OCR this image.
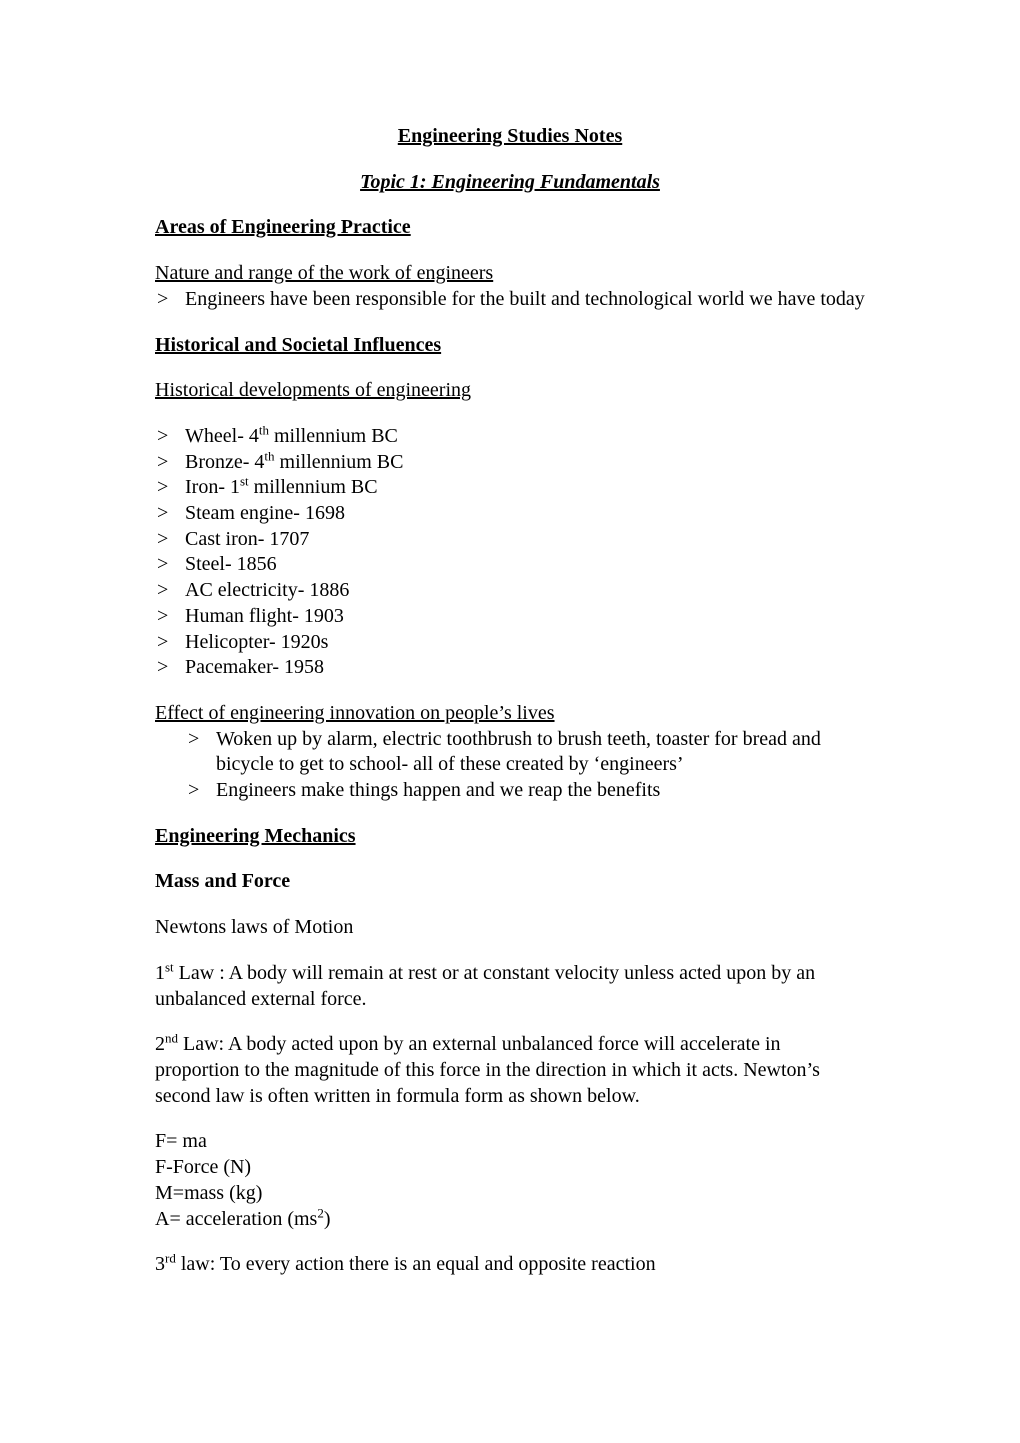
Engineering Studies Notes

Topic 1: Engineering Fundamentals

Areas of Engineering Practice

Nature and range of the work of engineers

> Engineers have been responsible for the built and technological world we have today

Historical and Societal Influences

Historical developments of engineering

> Wheel- 4th millennium BC
> Bronze- 4th millennium BC
> Iron- 1st millennium BC
> Steam engine- 1698
> Cast iron- 1707
> Steel- 1856
> AC electricity- 1886
> Human flight- 1903
> Helicopter- 1920s
> Pacemaker- 1958

Effect of engineering innovation on people’s lives

> Woken up by alarm, electric toothbrush to brush teeth, toaster for bread and bicycle to get to school- all of these created by ‘engineers’
> Engineers make things happen and we reap the benefits

Engineering Mechanics

Mass and Force

Newtons laws of Motion

1st Law : A body will remain at rest or at constant velocity unless acted upon by an unbalanced external force.

2nd Law: A body acted upon by an external unbalanced force will accelerate in proportion to the magnitude of this force in the direction in which it acts. Newton’s second law is often written in formula form as shown below.

F= ma

F-Force (N)

M=mass (kg)

A= acceleration $(ms^2)$

3rd law: To every action there is an equal and opposite reaction
